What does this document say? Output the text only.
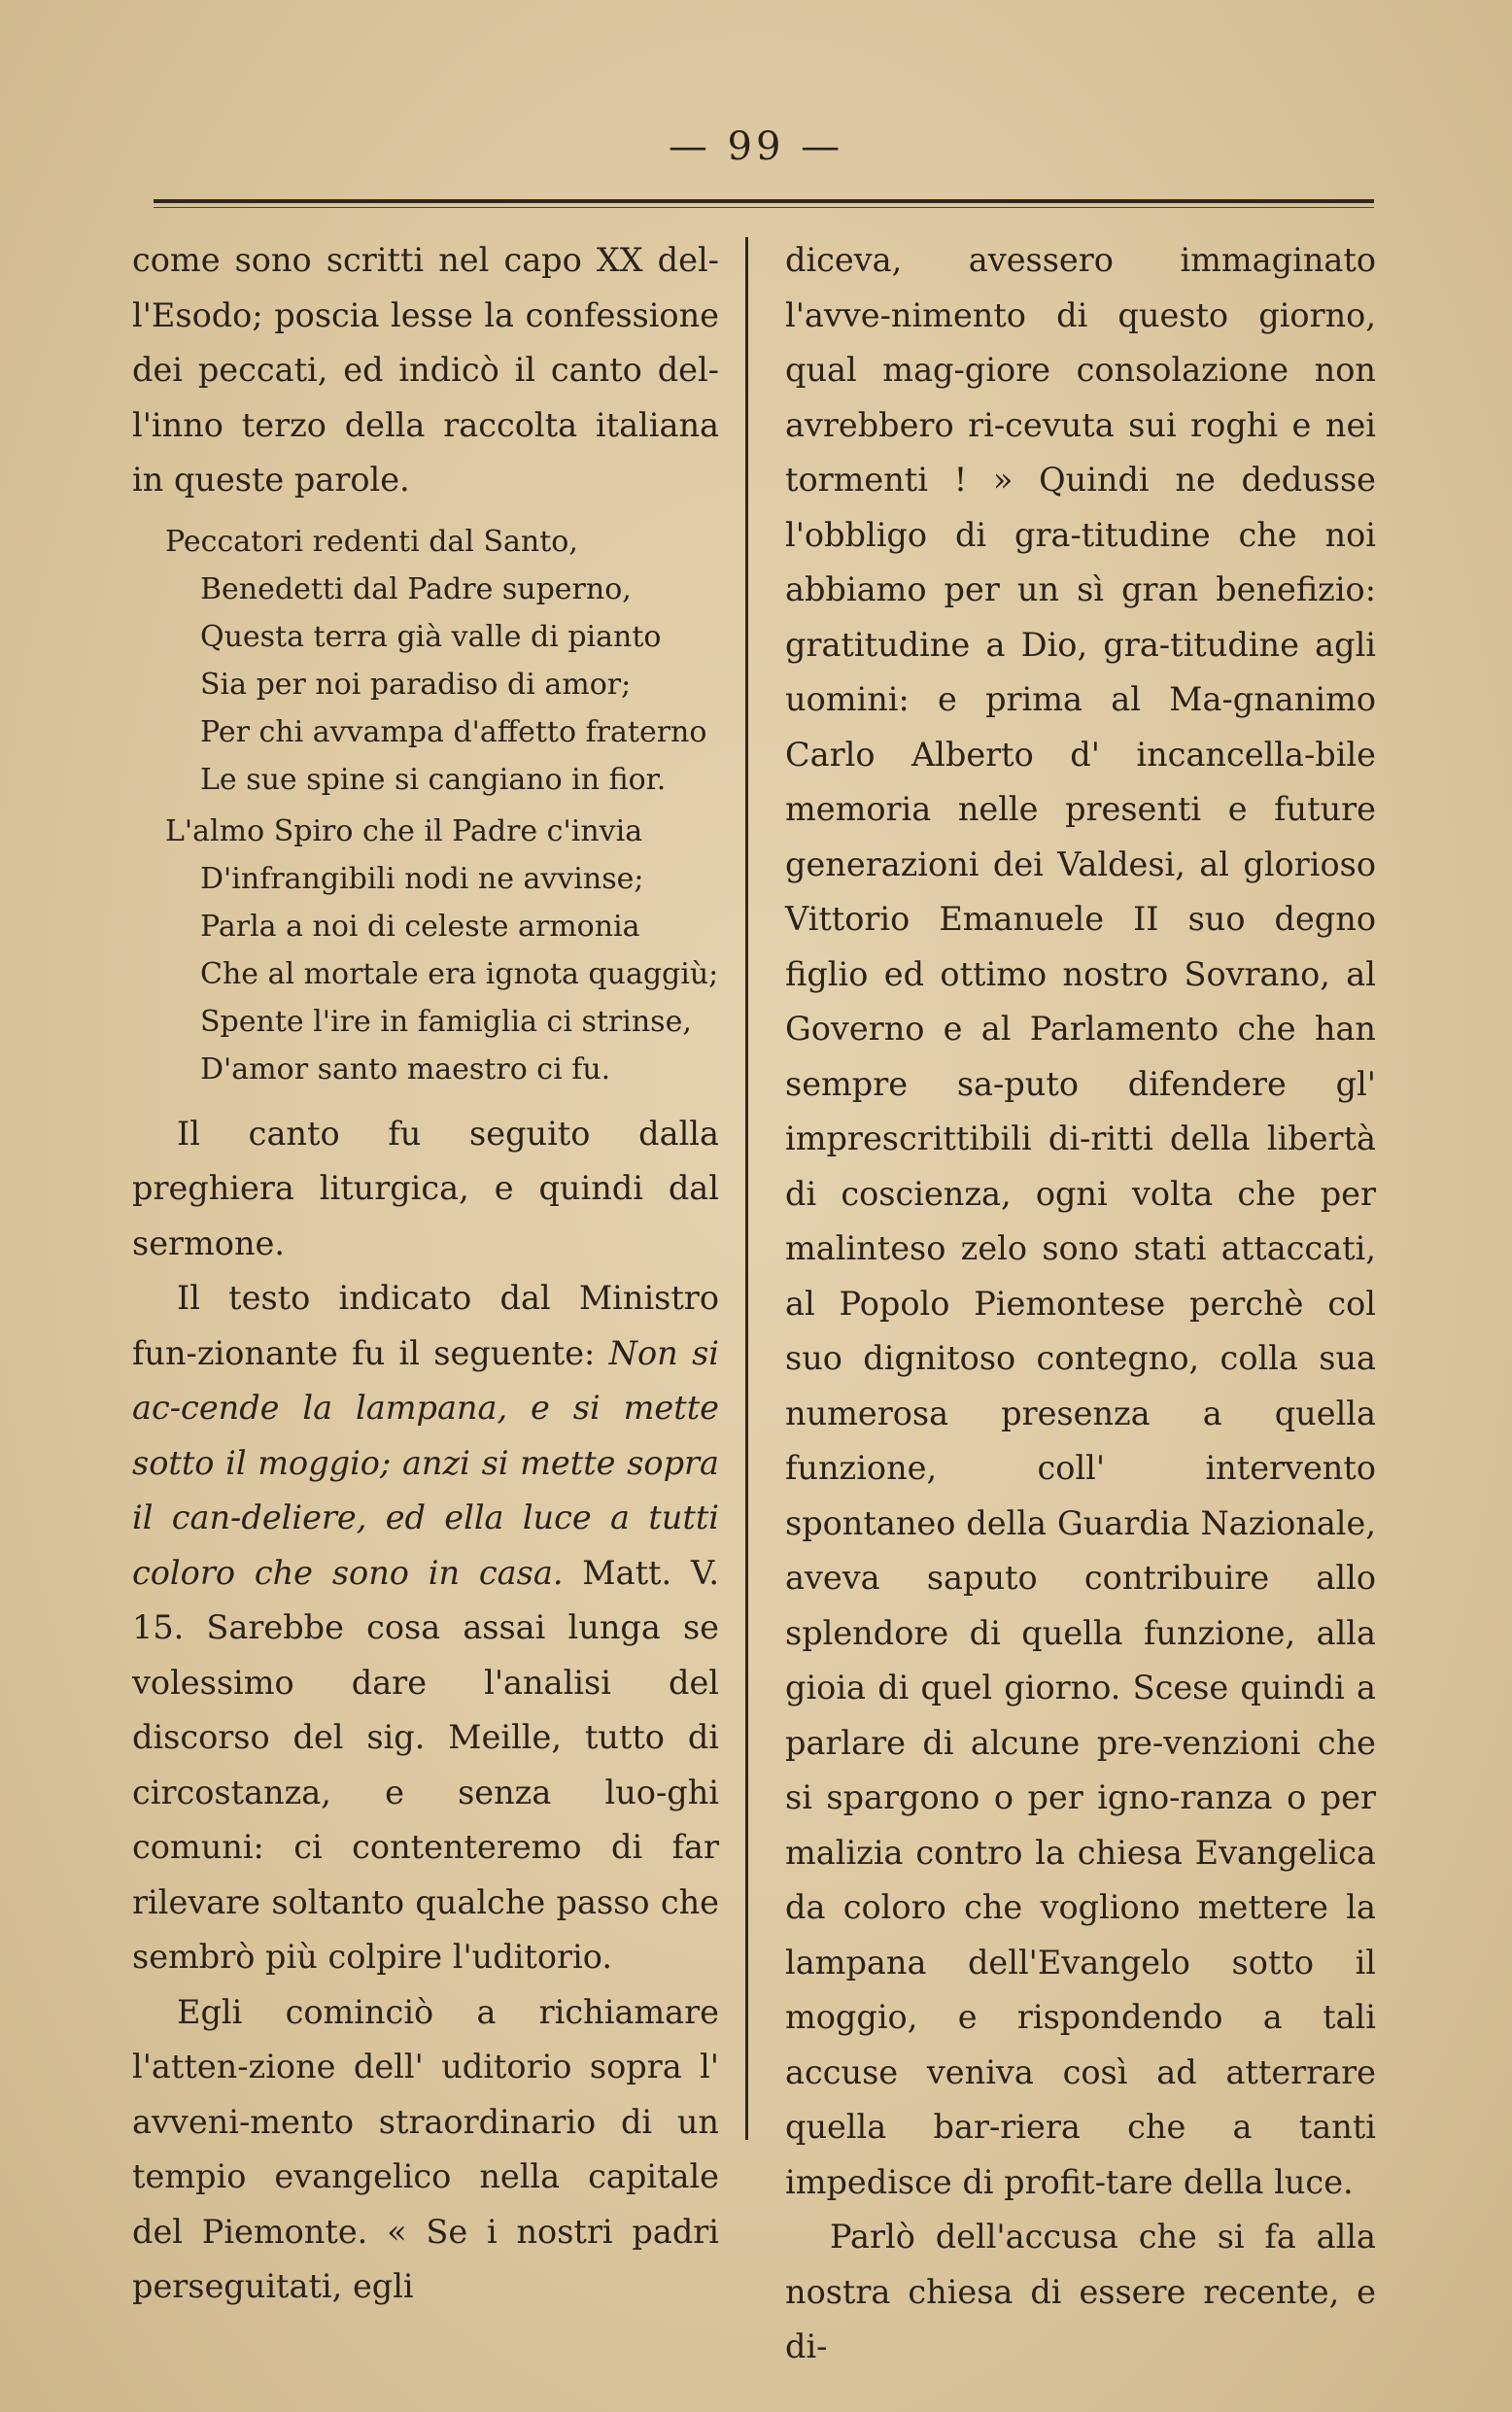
— 99 —

come sono scritti nel capo XX del-l'Esodo; poscia lesse la confessione dei peccati, ed indicò il canto del-l'inno terzo della raccolta italiana in queste parole.

Peccatori redenti dal Santo,
Benedetti dal Padre superno,
Questa terra già valle di pianto
Sia per noi paradiso di amor;
Per chi avvampa d'affetto fraterno
Le sue spine si cangiano in fior.
L'almo Spiro che il Padre c'invia
D'infrangibili nodi ne avvinse;
Parla a noi di celeste armonia
Che al mortale era ignota quaggiù;
Spente l'ire in famiglia ci strinse,
D'amor santo maestro ci fu.

Il canto fu seguito dalla preghiera liturgica, e quindi dal sermone.

Il testo indicato dal Ministro fun-zionante fu il seguente: Non si ac-cende la lampana, e si mette sotto il moggio; anzi si mette sopra il can-deliere, ed ella luce a tutti coloro che sono in casa. Matt. V. 15. Sarebbe cosa assai lunga se volessimo dare l'analisi del discorso del sig. Meille, tutto di circostanza, e senza luo-ghi comuni: ci contenteremo di far rilevare soltanto qualche passo che sembrò più colpire l'uditorio.

Egli cominciò a richiamare l'atten-zione dell' uditorio sopra l' avveni-mento straordinario di un tempio evangelico nella capitale del Piemonte. « Se i nostri padri perseguitati, egli

diceva, avessero immaginato l'avve-nimento di questo giorno, qual mag-giore consolazione non avrebbero ri-cevuta sui roghi e nei tormenti ! » Quindi ne dedusse l'obbligo di gra-titudine che noi abbiamo per un sì gran benefizio: gratitudine a Dio, gra-titudine agli uomini: e prima al Ma-gnanimo Carlo Alberto d' incancella-bile memoria nelle presenti e future generazioni dei Valdesi, al glorioso Vittorio Emanuele II suo degno figlio ed ottimo nostro Sovrano, al Governo e al Parlamento che han sempre sa-puto difendere gl' imprescrittibili di-ritti della libertà di coscienza, ogni volta che per malinteso zelo sono stati attaccati, al Popolo Piemontese perchè col suo dignitoso contegno, colla sua numerosa presenza a quella funzione, coll' intervento spontaneo della Guardia Nazionale, aveva saputo contribuire allo splendore di quella funzione, alla gioia di quel giorno. Scese quindi a parlare di alcune pre-venzioni che si spargono o per igno-ranza o per malizia contro la chiesa Evangelica da coloro che vogliono mettere la lampana dell'Evangelo sotto il moggio, e rispondendo a tali accuse veniva così ad atterrare quella bar-riera che a tanti impedisce di profit-tare della luce.

Parlò dell'accusa che si fa alla nostra chiesa di essere recente, e di-
